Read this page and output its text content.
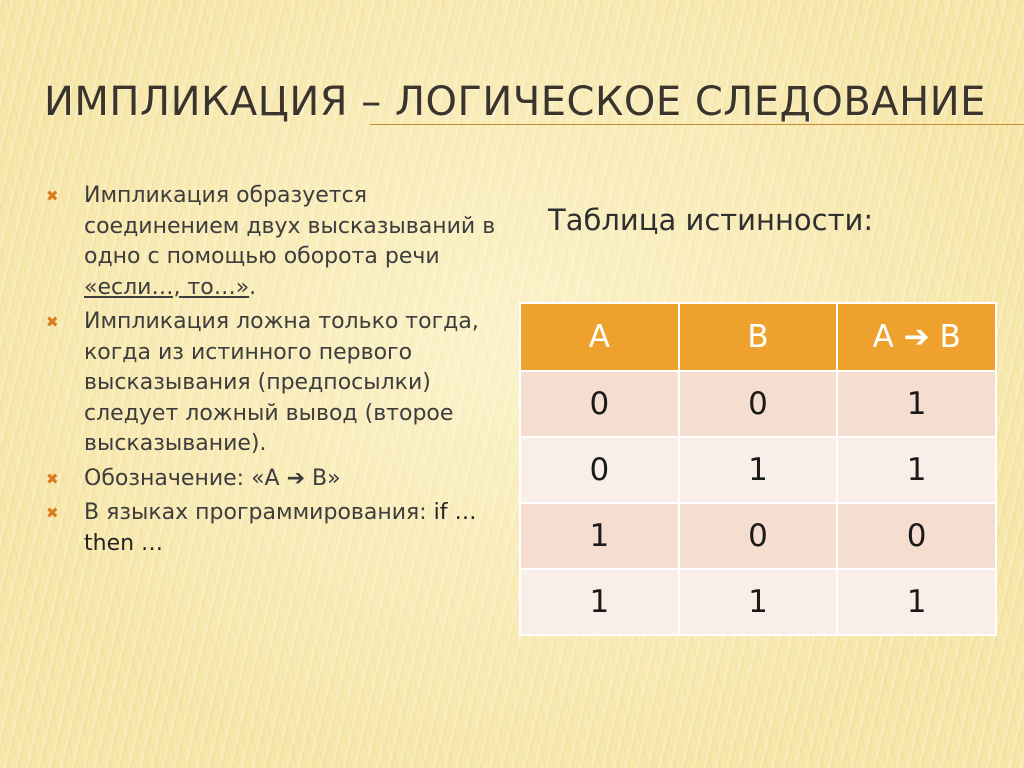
ИМПЛИКАЦИЯ – ЛОГИЧЕСКОЕ СЛЕДОВАНИЕ
✖ Импликация образуется соединением двух высказываний в одно с помощью оборота речи «если…, то…».
✖ Импликация ложна только тогда, когда из истинного первого высказывания (предпосылки) следует ложный вывод (второе высказывание).
✖ Обозначение: «А ➔ В»
✖ В языках программирования: if … then …
Таблица истинности:
А	В	А ➔ В
0	0	1
0	1	1
1	0	0
1	1	1
